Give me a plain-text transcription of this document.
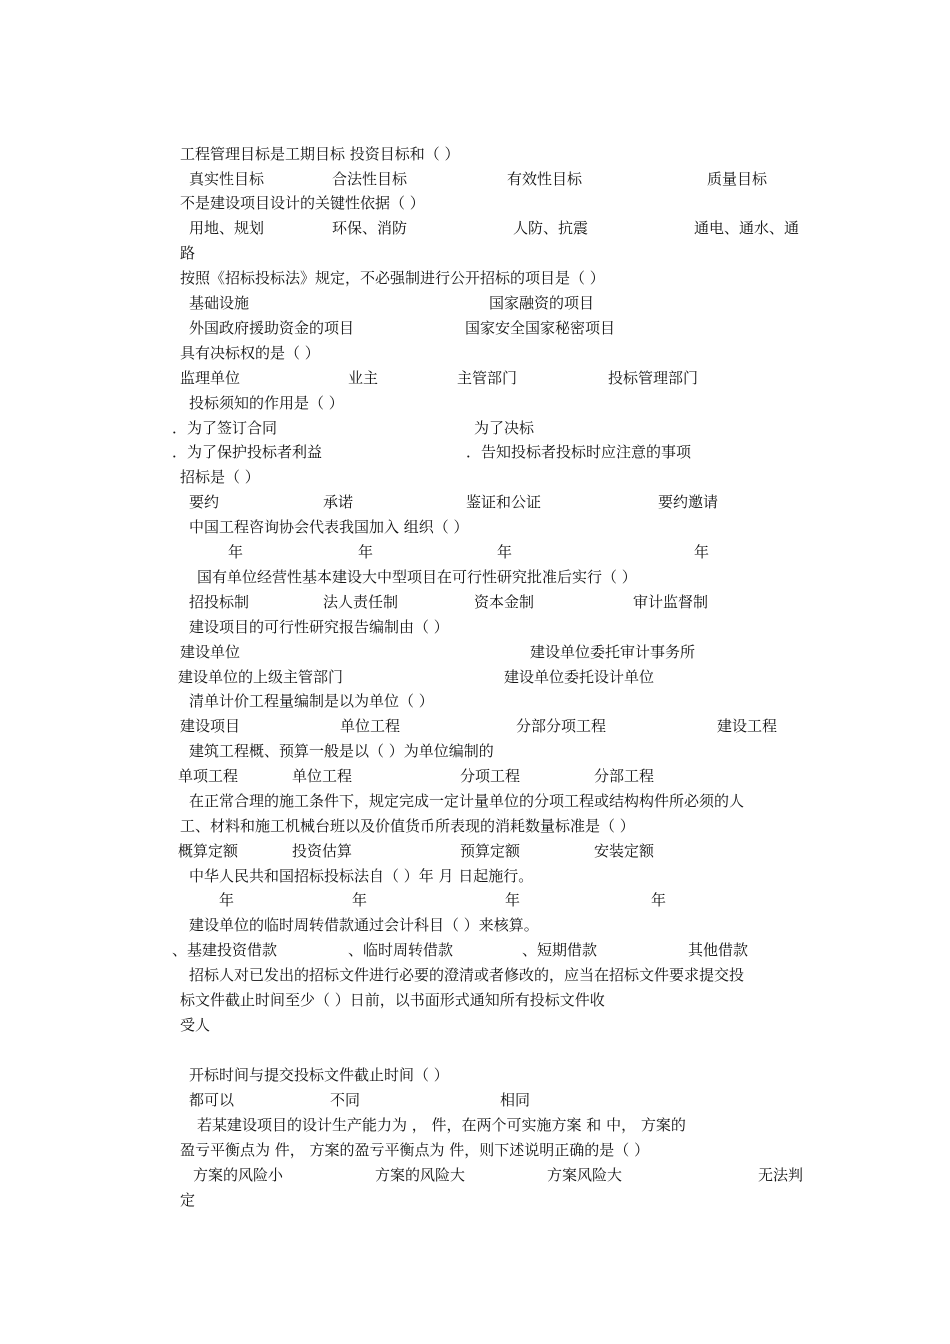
工程管理目标是工期目标 投资目标和（ ）
真实性目标	合法性目标	有效性目标	质量目标
不是建设项目设计的关键性依据（ ）
用地、规划	环保、消防	人防、抗震	通电、通水、通
路
按照《招标投标法》规定，不必强制进行公开招标的项目是（ ）
基础设施	国家融资的项目
外国政府援助资金的项目	国家安全国家秘密项目
具有决标权的是（ ）
监理单位	业主	主管部门	投标管理部门
投标须知的作用是（ ）
．为了签订合同	为了决标
．为了保护投标者利益	．告知投标者投标时应注意的事项
招标是（ ）
要约	承诺	鉴证和公证	要约邀请
中国工程咨询协会代表我国加入 组织（ ）
年	年	年	年
国有单位经营性基本建设大中型项目在可行性研究批准后实行（ ）
招投标制	法人责任制	资本金制	审计监督制
建设项目的可行性研究报告编制由（ ）
建设单位	建设单位委托审计事务所
建设单位的上级主管部门	建设单位委托设计单位
清单计价工程量编制是以为单位（ ）
建设项目	单位工程	分部分项工程	建设工程
建筑工程概、预算一般是以（ ）为单位编制的
单项工程	单位工程	分项工程	分部工程
在正常合理的施工条件下，规定完成一定计量单位的分项工程或结构构件所必须的人
工、材料和施工机械台班以及价值货币所表现的消耗数量标准是（ ）
概算定额	投资估算	预算定额	安装定额
中华人民共和国招标投标法自（ ）年 月 日起施行。
年	年	年	年
建设单位的临时周转借款通过会计科目（ ）来核算。
、基建投资借款	、临时周转借款	、短期借款	其他借款
招标人对已发出的招标文件进行必要的澄清或者修改的，应当在招标文件要求提交投
标文件截止时间至少（ ）日前，以书面形式通知所有投标文件收
受人
开标时间与提交投标文件截止时间（ ）
都可以	不同	相同
若某建设项目的设计生产能力为 ， 件，在两个可实施方案 和 中， 方案的
盈亏平衡点为 件， 方案的盈亏平衡点为 件，则下述说明正确的是（ ）
方案的风险小	方案的风险大	方案风险大	无法判
定
